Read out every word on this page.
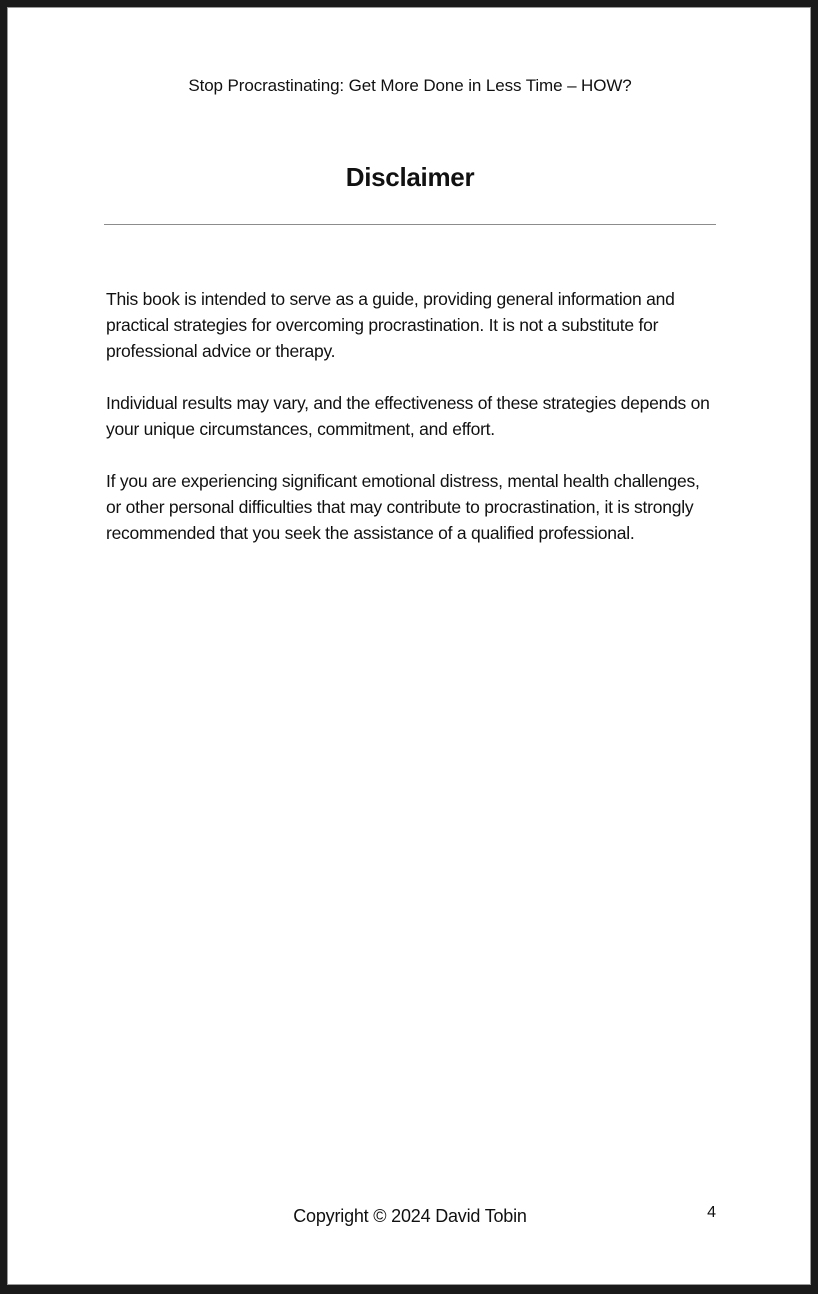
Stop Procrastinating: Get More Done in Less Time – HOW?
Disclaimer

This book is intended to serve as a guide, providing general information and practical strategies for overcoming procrastination. It is not a substitute for professional advice or therapy.

Individual results may vary, and the effectiveness of these strategies depends on your unique circumstances, commitment, and effort.

If you are experiencing significant emotional distress, mental health challenges, or other personal difficulties that may contribute to procrastination, it is strongly recommended that you seek the assistance of a qualified professional.

Copyright © 2024 David Tobin	4
